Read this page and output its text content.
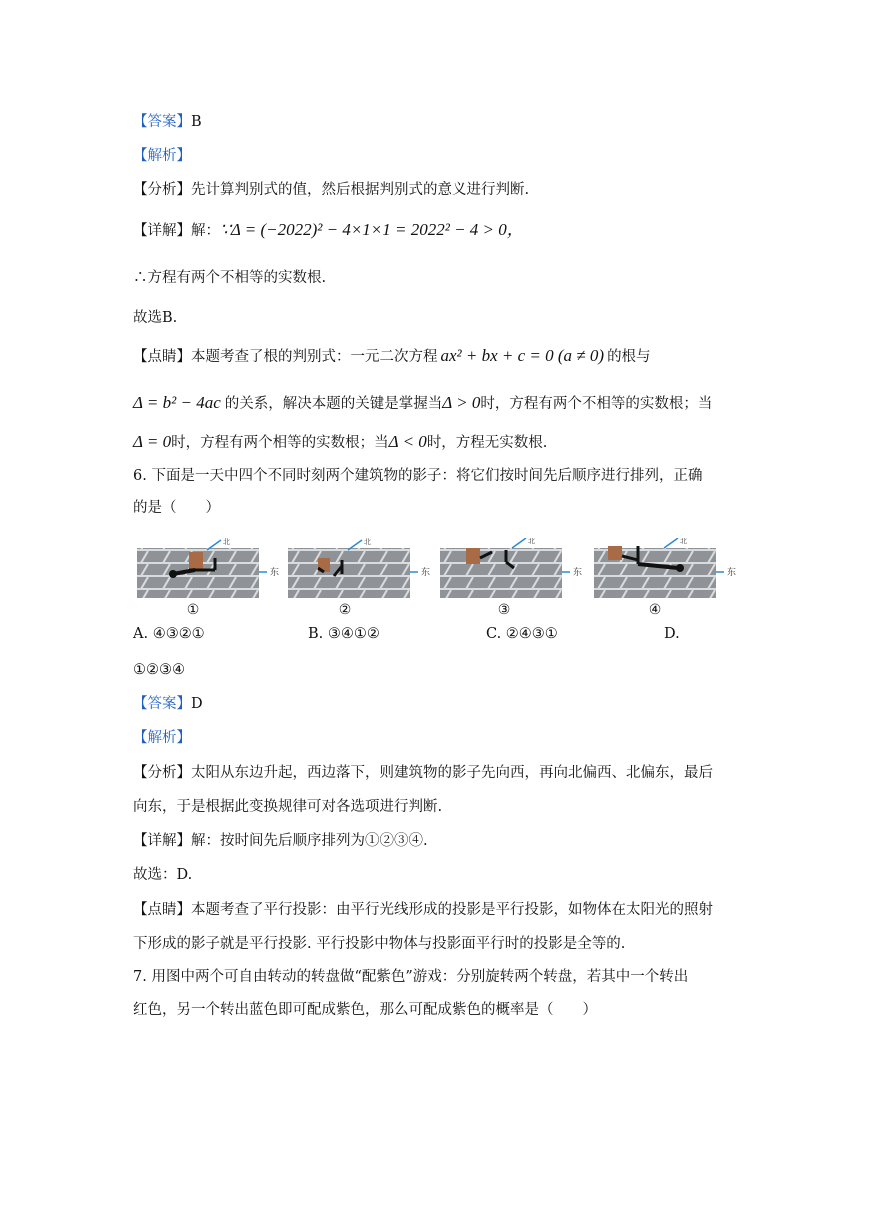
【答案】B
【解析】
【分析】先计算判别式的值，然后根据判别式的意义进行判断.
【详解】解：∵Δ = (−2022)² − 4×1×1 = 2022² − 4 > 0，
∴方程有两个不相等的实数根.
故选B.
【点睛】本题考查了根的判别式：一元二次方程 ax² + bx + c = 0 (a ≠ 0) 的根与
Δ = b² − 4ac 的关系，解决本题的关键是掌握当Δ > 0时，方程有两个不相等的实数根；当
Δ = 0时，方程有两个相等的实数根；当Δ < 0时，方程无实数根.
6. 下面是一天中四个不同时刻两个建筑物的影子：将它们按时间先后顺序进行排列，正确
的是（　　）
北	北	北	北
东	东	东	东
①	②	③	④
A. ④③②①	B. ③④①②	C. ②④③①	D.
①②③④
【答案】D
【解析】
【分析】太阳从东边升起，西边落下，则建筑物的影子先向西，再向北偏西、北偏东，最后
向东，于是根据此变换规律可对各选项进行判断.
【详解】解：按时间先后顺序排列为①②③④.
故选：D.
【点睛】本题考查了平行投影：由平行光线形成的投影是平行投影，如物体在太阳光的照射
下形成的影子就是平行投影. 平行投影中物体与投影面平行时的投影是全等的.
7. 用图中两个可自由转动的转盘做“配紫色”游戏：分别旋转两个转盘，若其中一个转出
红色，另一个转出蓝色即可配成紫色，那么可配成紫色的概率是（　　）
